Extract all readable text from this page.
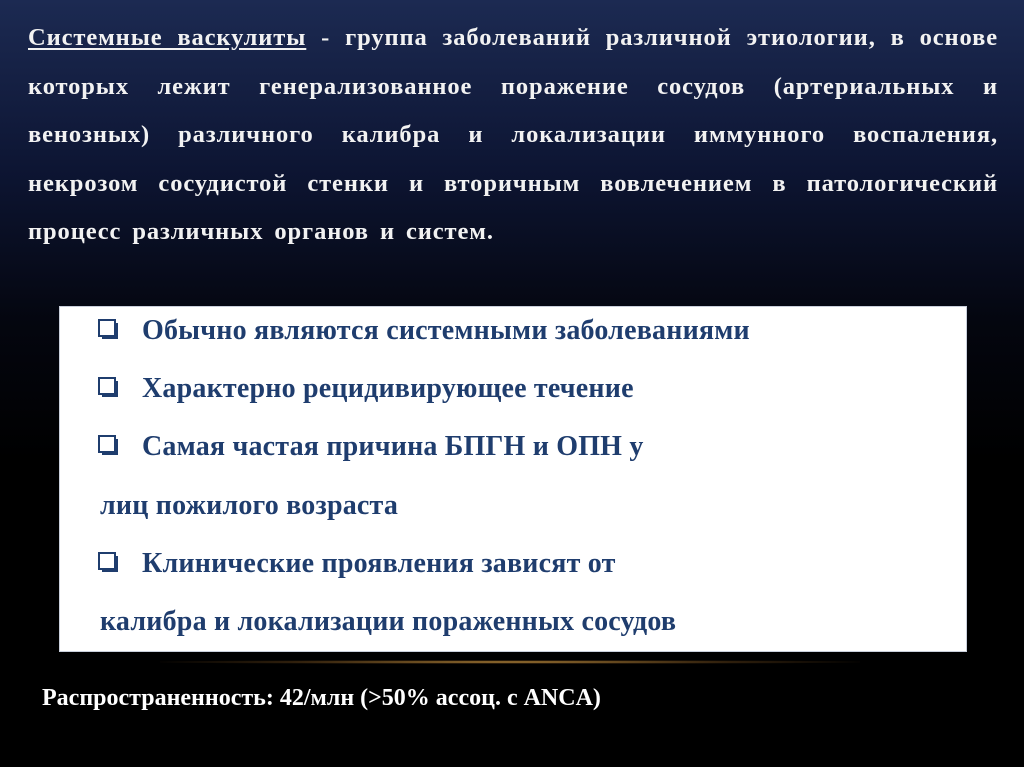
Системные васкулиты - группа заболеваний различной этиологии, в основе которых лежит генерализованное поражение сосудов (артериальных и венозных) различного калибра и локализации иммунного воспаления, некрозом сосудистой стенки и вторичным вовлечением в патологический процесс различных органов и систем.
Обычно являются системными заболеваниями
Характерно рецидивирующее течение
Самая частая причина БПГН и ОПН у
лиц пожилого возраста
Клинические проявления зависят от
калибра и локализации пораженных сосудов
Распространенность: 42/млн (>50% ассоц. с ANCA)
